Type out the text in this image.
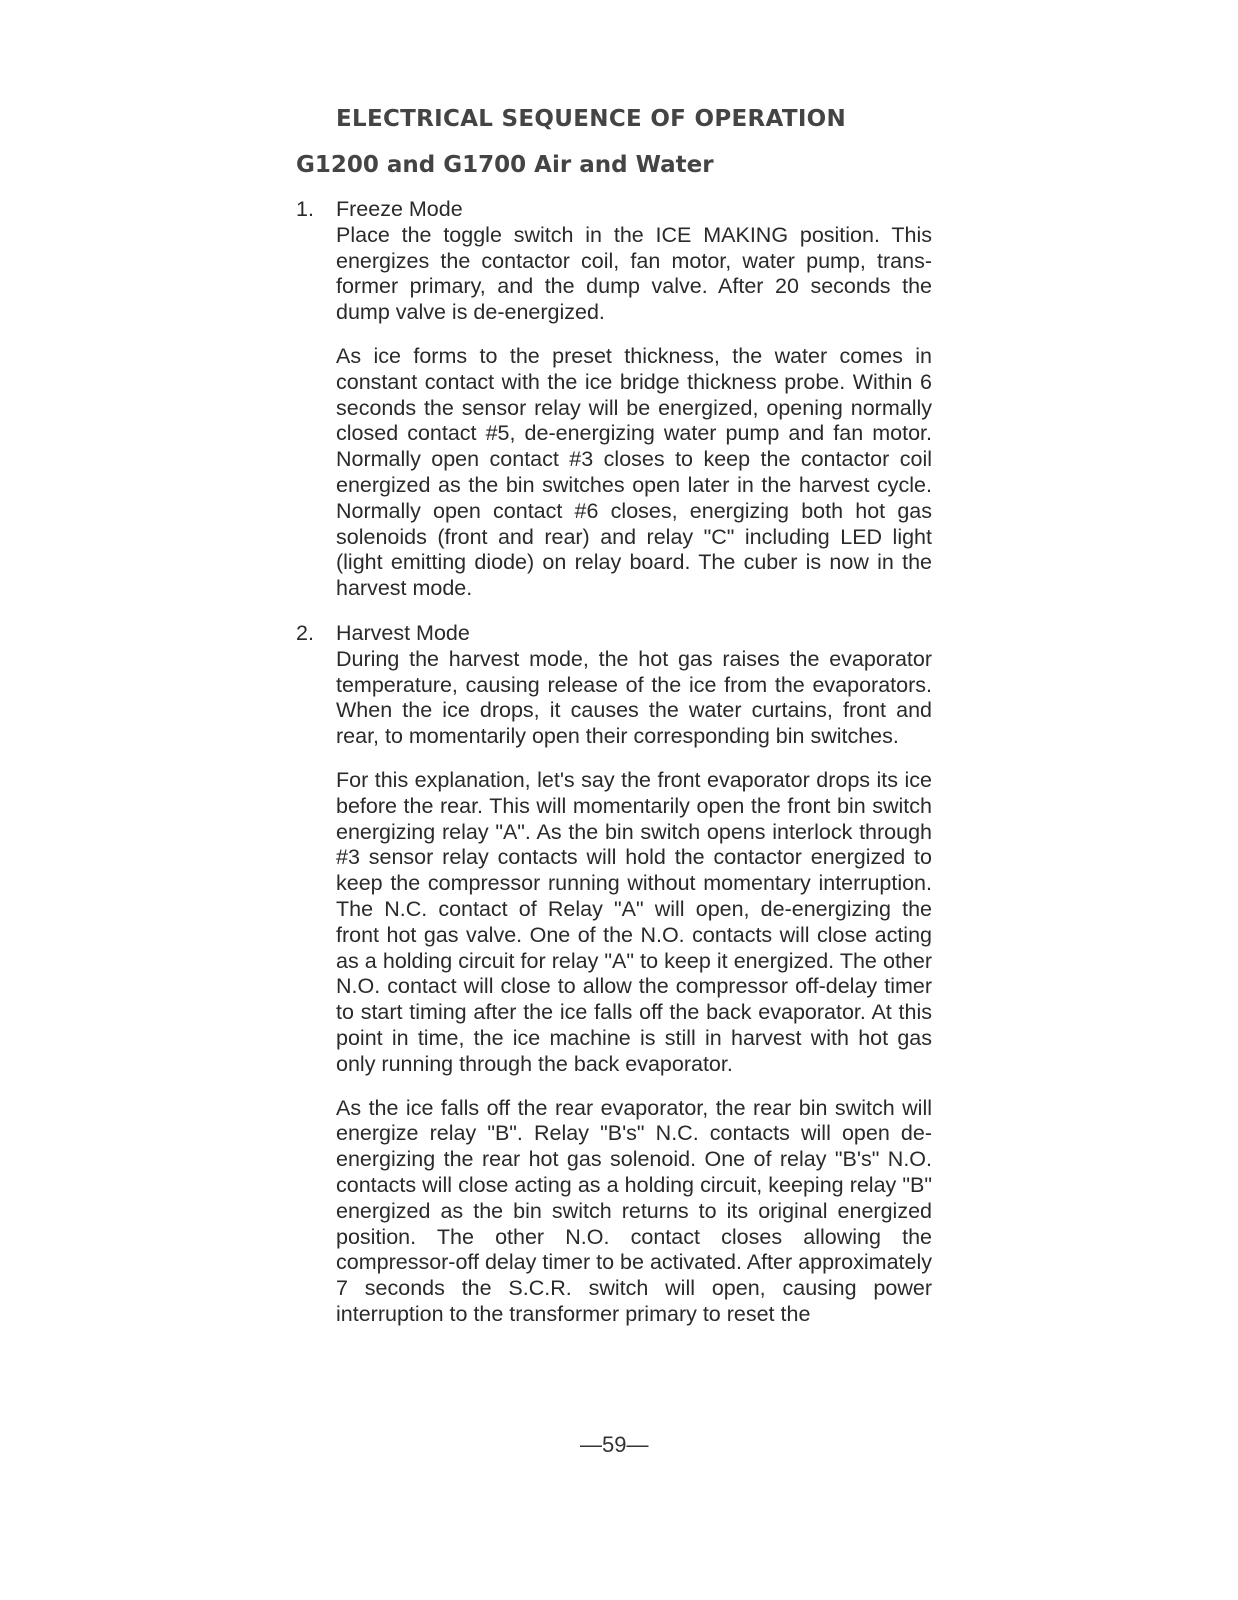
ELECTRICAL SEQUENCE OF OPERATION
G1200 and G1700 Air and Water
1. Freeze Mode

Place the toggle switch in the ICE MAKING position. This energizes the contactor coil, fan motor, water pump, transformer primary, and the dump valve. After 20 seconds the dump valve is de-energized.

As ice forms to the preset thickness, the water comes in constant contact with the ice bridge thickness probe. Within 6 seconds the sensor relay will be energized, opening normally closed contact #5, de-energizing water pump and fan motor. Normally open contact #3 closes to keep the contactor coil energized as the bin switches open later in the harvest cycle. Normally open contact #6 closes, energizing both hot gas solenoids (front and rear) and relay "C" including LED light (light emitting diode) on relay board. The cuber is now in the harvest mode.

2. Harvest Mode

During the harvest mode, the hot gas raises the evaporator temperature, causing release of the ice from the evaporators. When the ice drops, it causes the water curtains, front and rear, to momentarily open their corresponding bin switches.

For this explanation, let's say the front evaporator drops its ice before the rear. This will momentarily open the front bin switch energizing relay "A". As the bin switch opens interlock through #3 sensor relay contacts will hold the contactor energized to keep the compressor running without momentary interruption. The N.C. contact of Relay "A" will open, de-energizing the front hot gas valve. One of the N.O. contacts will close acting as a holding circuit for relay "A" to keep it energized. The other N.O. contact will close to allow the compressor off-delay timer to start timing after the ice falls off the back evaporator. At this point in time, the ice machine is still in harvest with hot gas only running through the back evaporator.

As the ice falls off the rear evaporator, the rear bin switch will energize relay "B". Relay "B's" N.C. contacts will open de-energizing the rear hot gas solenoid. One of relay "B's" N.O. contacts will close acting as a holding circuit, keeping relay "B" energized as the bin switch returns to its original energized position. The other N.O. contact closes allowing the compressor-off delay timer to be activated. After approximately 7 seconds the S.C.R. switch will open, causing power interruption to the transformer primary to reset the

—59—
